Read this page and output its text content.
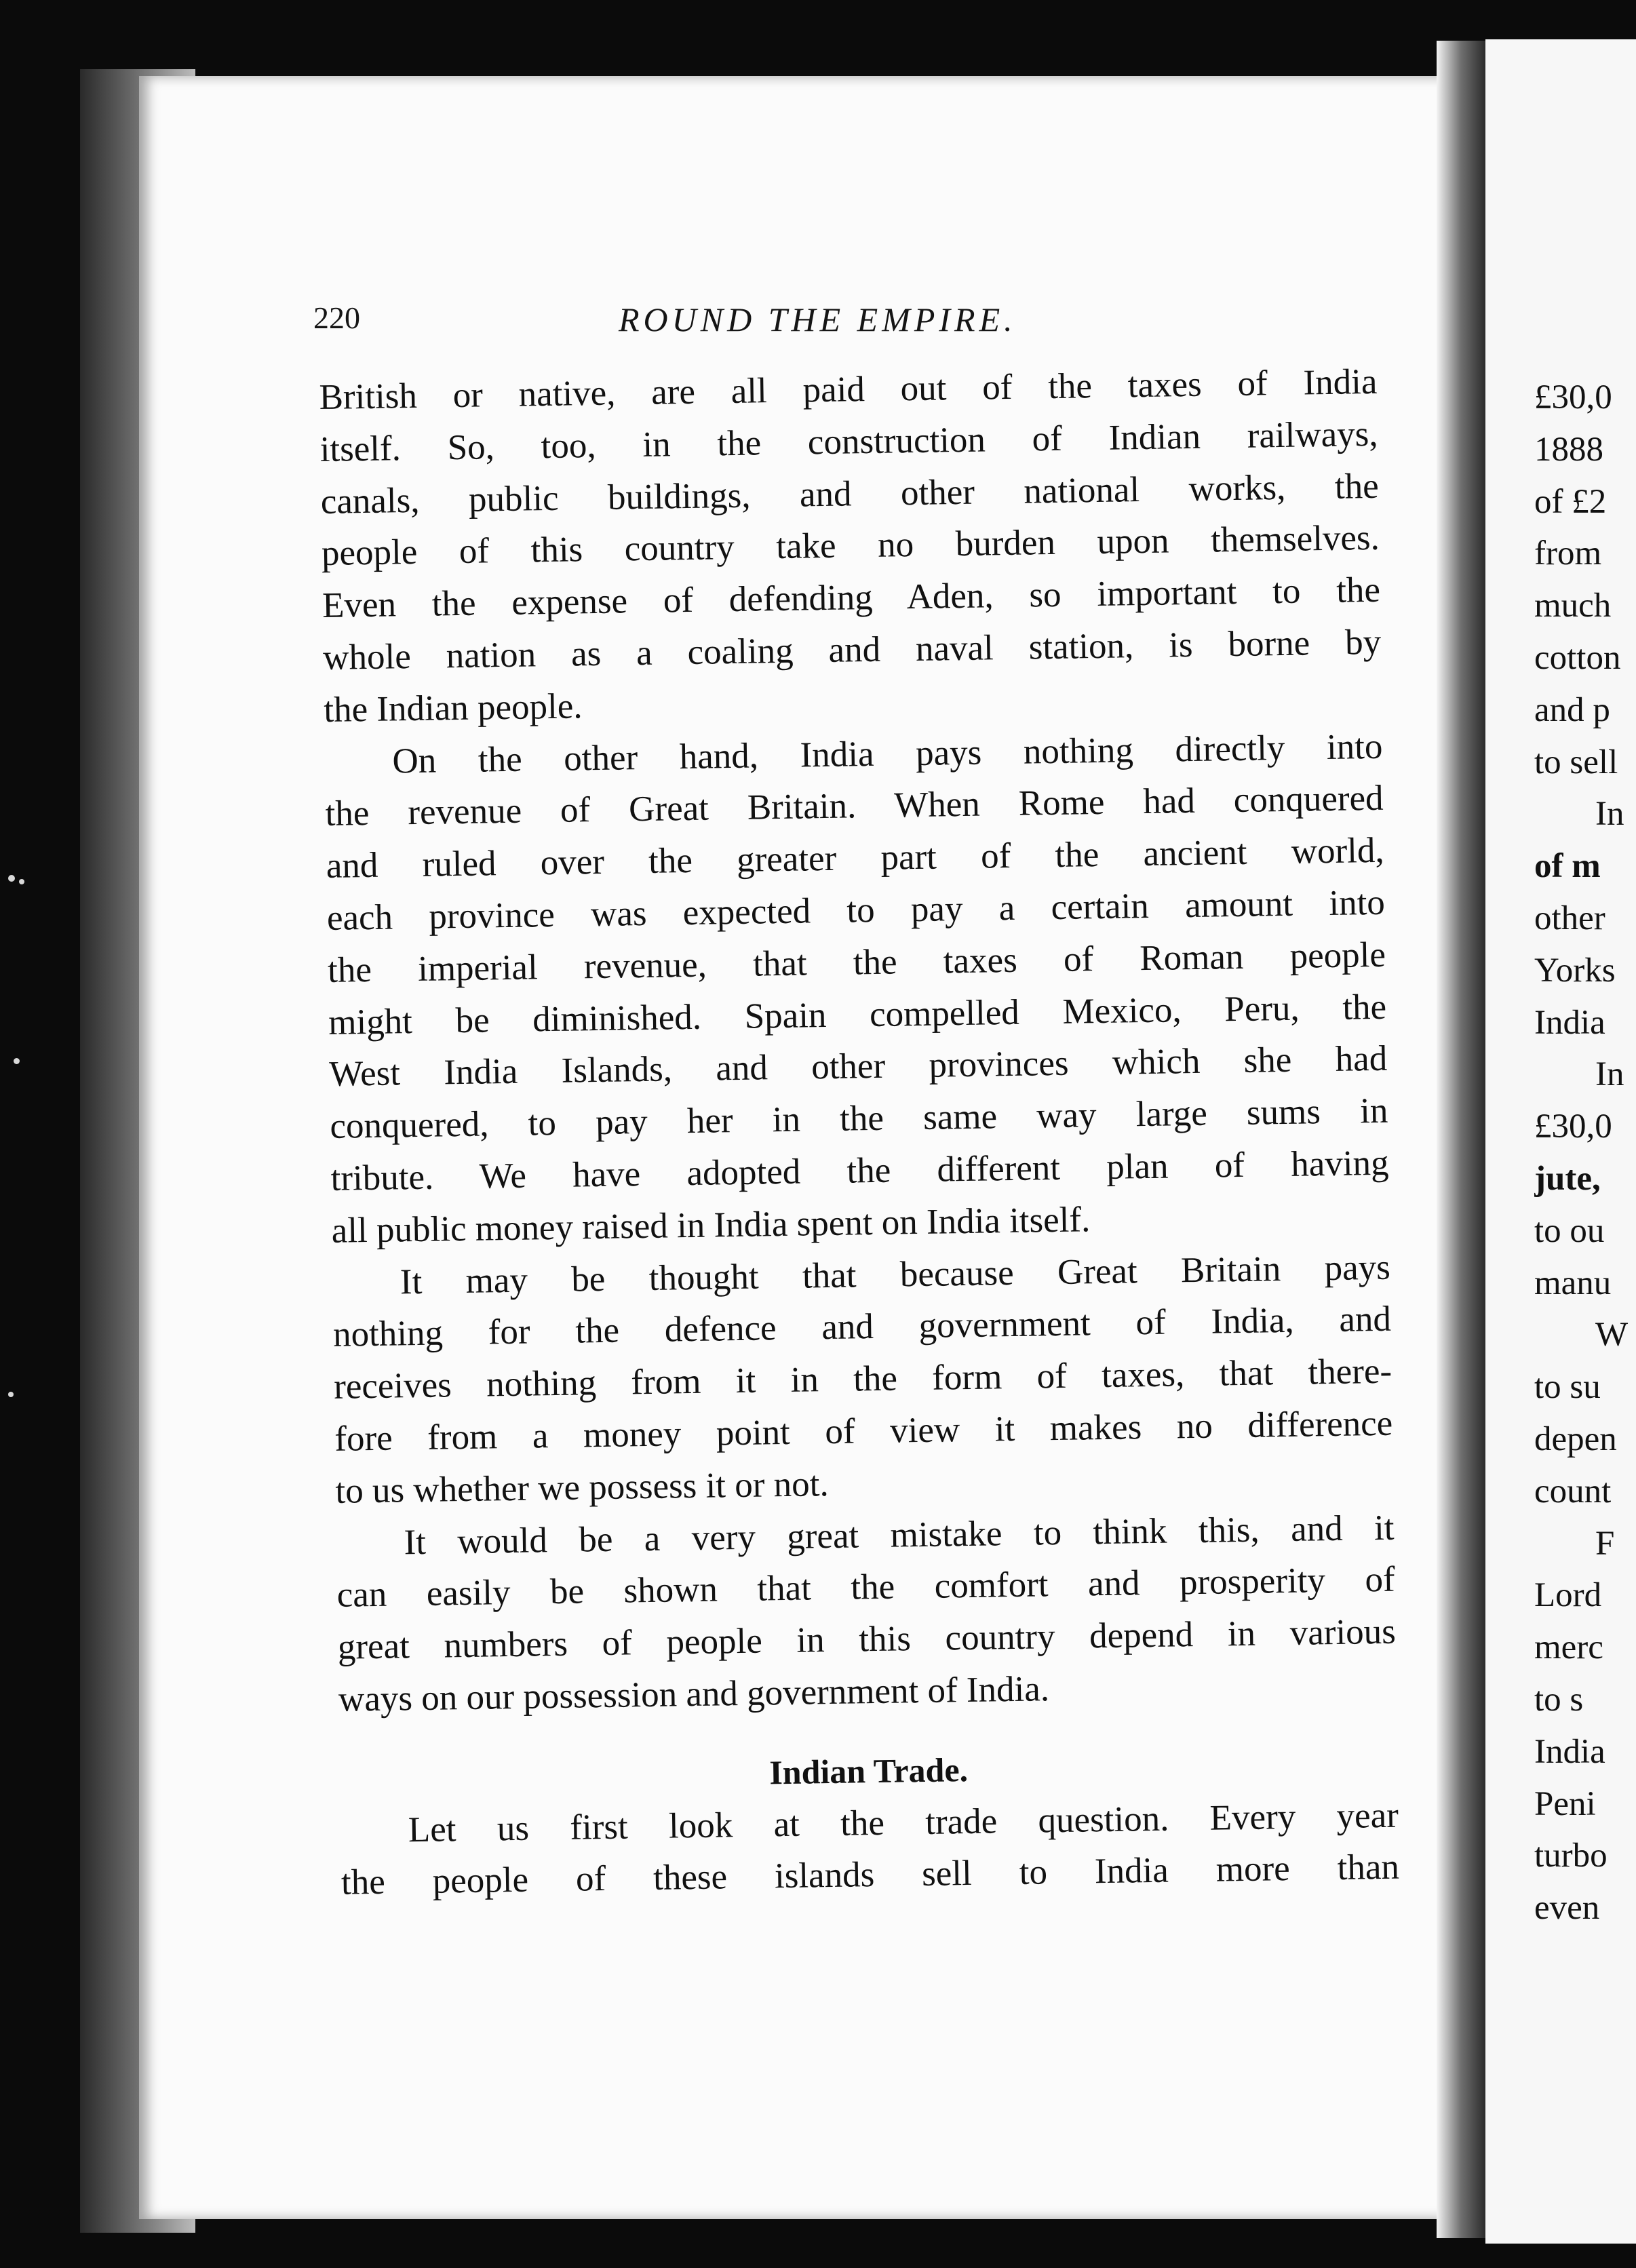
220	ROUND THE EMPIRE.
British or native, are all paid out of the taxes of India
itself. So, too, in the construction of Indian railways,
canals, public buildings, and other national works, the
people of this country take no burden upon themselves.
Even the expense of defending Aden, so important to the
whole nation as a coaling and naval station, is borne by
the Indian people.
On the other hand, India pays nothing directly into
the revenue of Great Britain. When Rome had conquered
and ruled over the greater part of the ancient world,
each province was expected to pay a certain amount into
the imperial revenue, that the taxes of Roman people
might be diminished. Spain compelled Mexico, Peru, the
West India Islands, and other provinces which she had
conquered, to pay her in the same way large sums in
tribute. We have adopted the different plan of having
all public money raised in India spent on India itself.
It may be thought that because Great Britain pays
nothing for the defence and government of India, and
receives nothing from it in the form of taxes, that there-
fore from a money point of view it makes no difference
to us whether we possess it or not.
It would be a very great mistake to think this, and it
can easily be shown that the comfort and prosperity of
great numbers of people in this country depend in various
ways on our possession and government of India.
Indian Trade.
Let us first look at the trade question. Every year
the people of these islands sell to India more than
£30,0
1888
of £2
from
much
cotton
and p
to sell
In
of m
other
Yorks
India
In
£30,0
jute,
to ou
manu
W
to su
depen
count
F
Lord
merc
to s
India
Peni
turbo
even
